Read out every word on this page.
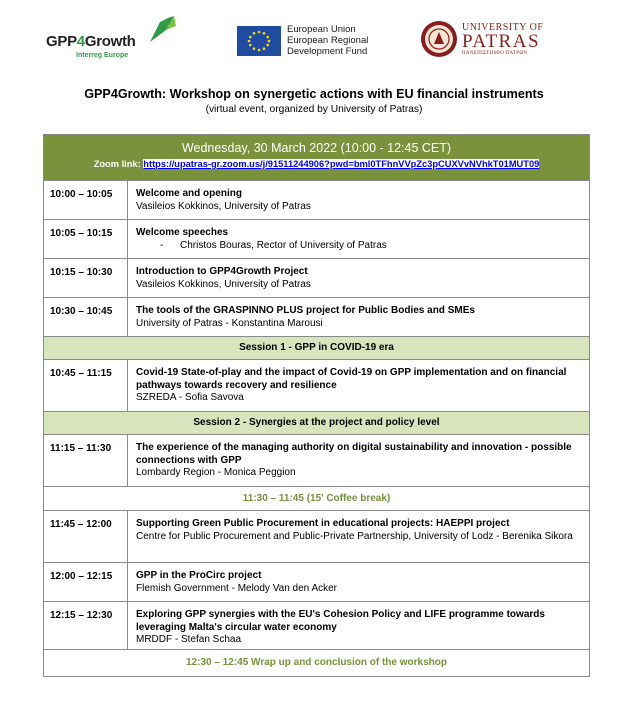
GPP4Growth
Interreg Europe
European Union
European Regional
Development Fund
UNIVERSITY OF
PATRAS
ΠΑΝΕΠΙΣΤΗΜΙΟ ΠΑΤΡΩΝ
GPP4Growth: Workshop on synergetic actions with EU financial instruments
(virtual event, organized by University of Patras)
Wednesday, 30 March 2022 (10:00 - 12:45 CET)
Zoom link: https://upatras-gr.zoom.us/j/91511244906?pwd=bmI0TFhnVVpZc3pCUXVvNVhkT01MUT09
10:00 – 10:05	Welcome and opening
Vasileios Kokkinos, University of Patras
10:05 – 10:15	Welcome speeches
- Christos Bouras, Rector of University of Patras
10:15 – 10:30	Introduction to GPP4Growth Project
Vasileios Kokkinos, University of Patras
10:30 – 10:45	The tools of the GRASPINNO PLUS project for Public Bodies and SMEs
University of Patras - Konstantina Marousi
Session 1 - GPP in COVID-19 era
10:45 – 11:15	Covid-19 State-of-play and the impact of Covid-19 on GPP implementation and on financial pathways towards recovery and resilience
SZREDA - Sofia Savova
Session 2 - Synergies at the project and policy level
11:15 – 11:30	The experience of the managing authority on digital sustainability and innovation - possible connections with GPP
Lombardy Region - Monica Peggion
11:30 – 11:45 (15' Coffee break)
11:45 – 12:00	Supporting Green Public Procurement in educational projects: HAEPPI project
Centre for Public Procurement and Public-Private Partnership, University of Lodz - Berenika Sikora
12:00 – 12:15	GPP in the ProCirc project
Flemish Government - Melody Van den Acker
12:15 – 12:30	Exploring GPP synergies with the EU's Cohesion Policy and LIFE programme towards leveraging Malta's circular water economy
MRDDF - Stefan Schaa
12:30 – 12:45 Wrap up and conclusion of the workshop
